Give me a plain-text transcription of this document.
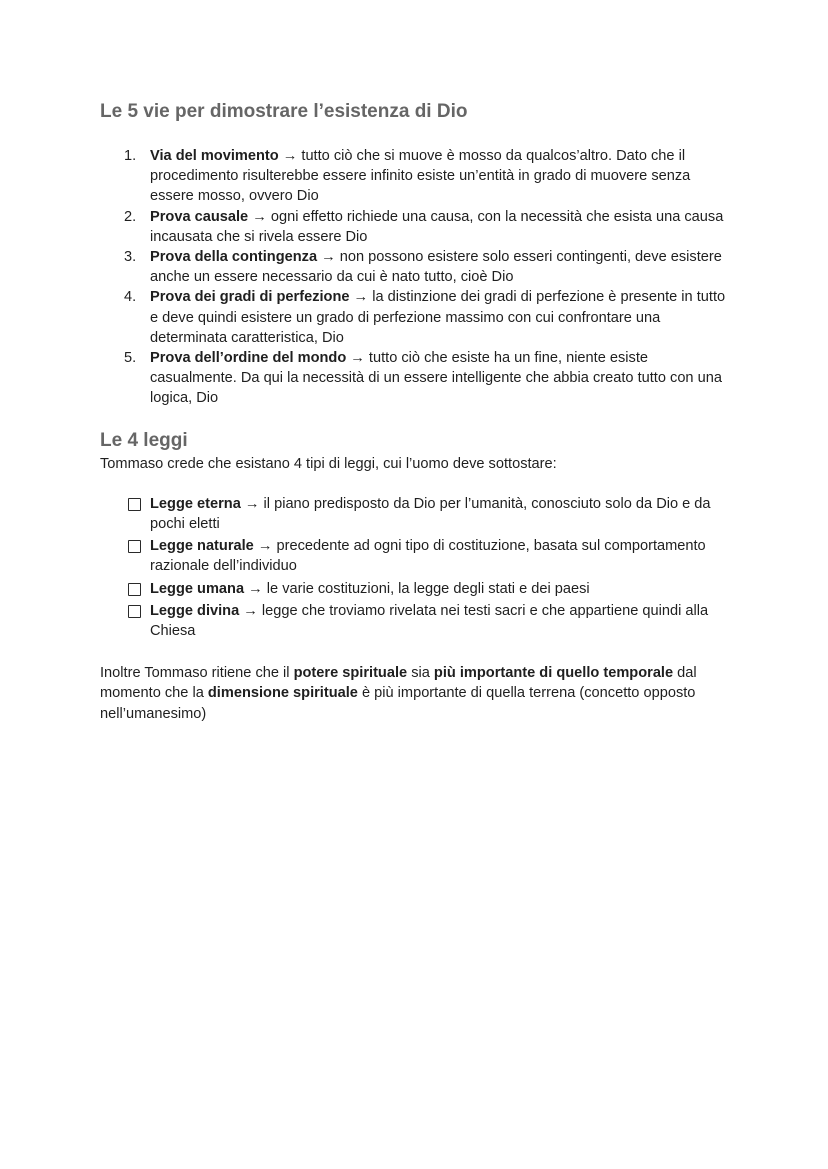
Le 5 vie per dimostrare l’esistenza di Dio
1. Via del movimento → tutto ciò che si muove è mosso da qualcos’altro. Dato che il procedimento risulterebbe essere infinito esiste un’entità in grado di muovere senza essere mosso, ovvero Dio
2. Prova causale → ogni effetto richiede una causa, con la necessità che esista una causa incausata che si rivela essere Dio
3. Prova della contingenza → non possono esistere solo esseri contingenti, deve esistere anche un essere necessario da cui è nato tutto, cioè Dio
4. Prova dei gradi di perfezione → la distinzione dei gradi di perfezione è presente in tutto e deve quindi esistere un grado di perfezione massimo con cui confrontare una determinata caratteristica, Dio
5. Prova dell’ordine del mondo → tutto ciò che esiste ha un fine, niente esiste casualmente. Da qui la necessità di un essere intelligente che abbia creato tutto con una logica, Dio
Le 4 leggi

Tommaso crede che esistano 4 tipi di leggi, cui l’uomo deve sottostare:

Legge eterna → il piano predisposto da Dio per l’umanità, conosciuto solo da Dio e da pochi eletti
Legge naturale → precedente ad ogni tipo di costituzione, basata sul comportamento razionale dell’individuo
Legge umana → le varie costituzioni, la legge degli stati e dei paesi
Legge divina → legge che troviamo rivelata nei testi sacri e che appartiene quindi alla Chiesa

Inoltre Tommaso ritiene che il potere spirituale sia più importante di quello temporale dal momento che la dimensione spirituale è più importante di quella terrena (concetto opposto nell’umanesimo)
